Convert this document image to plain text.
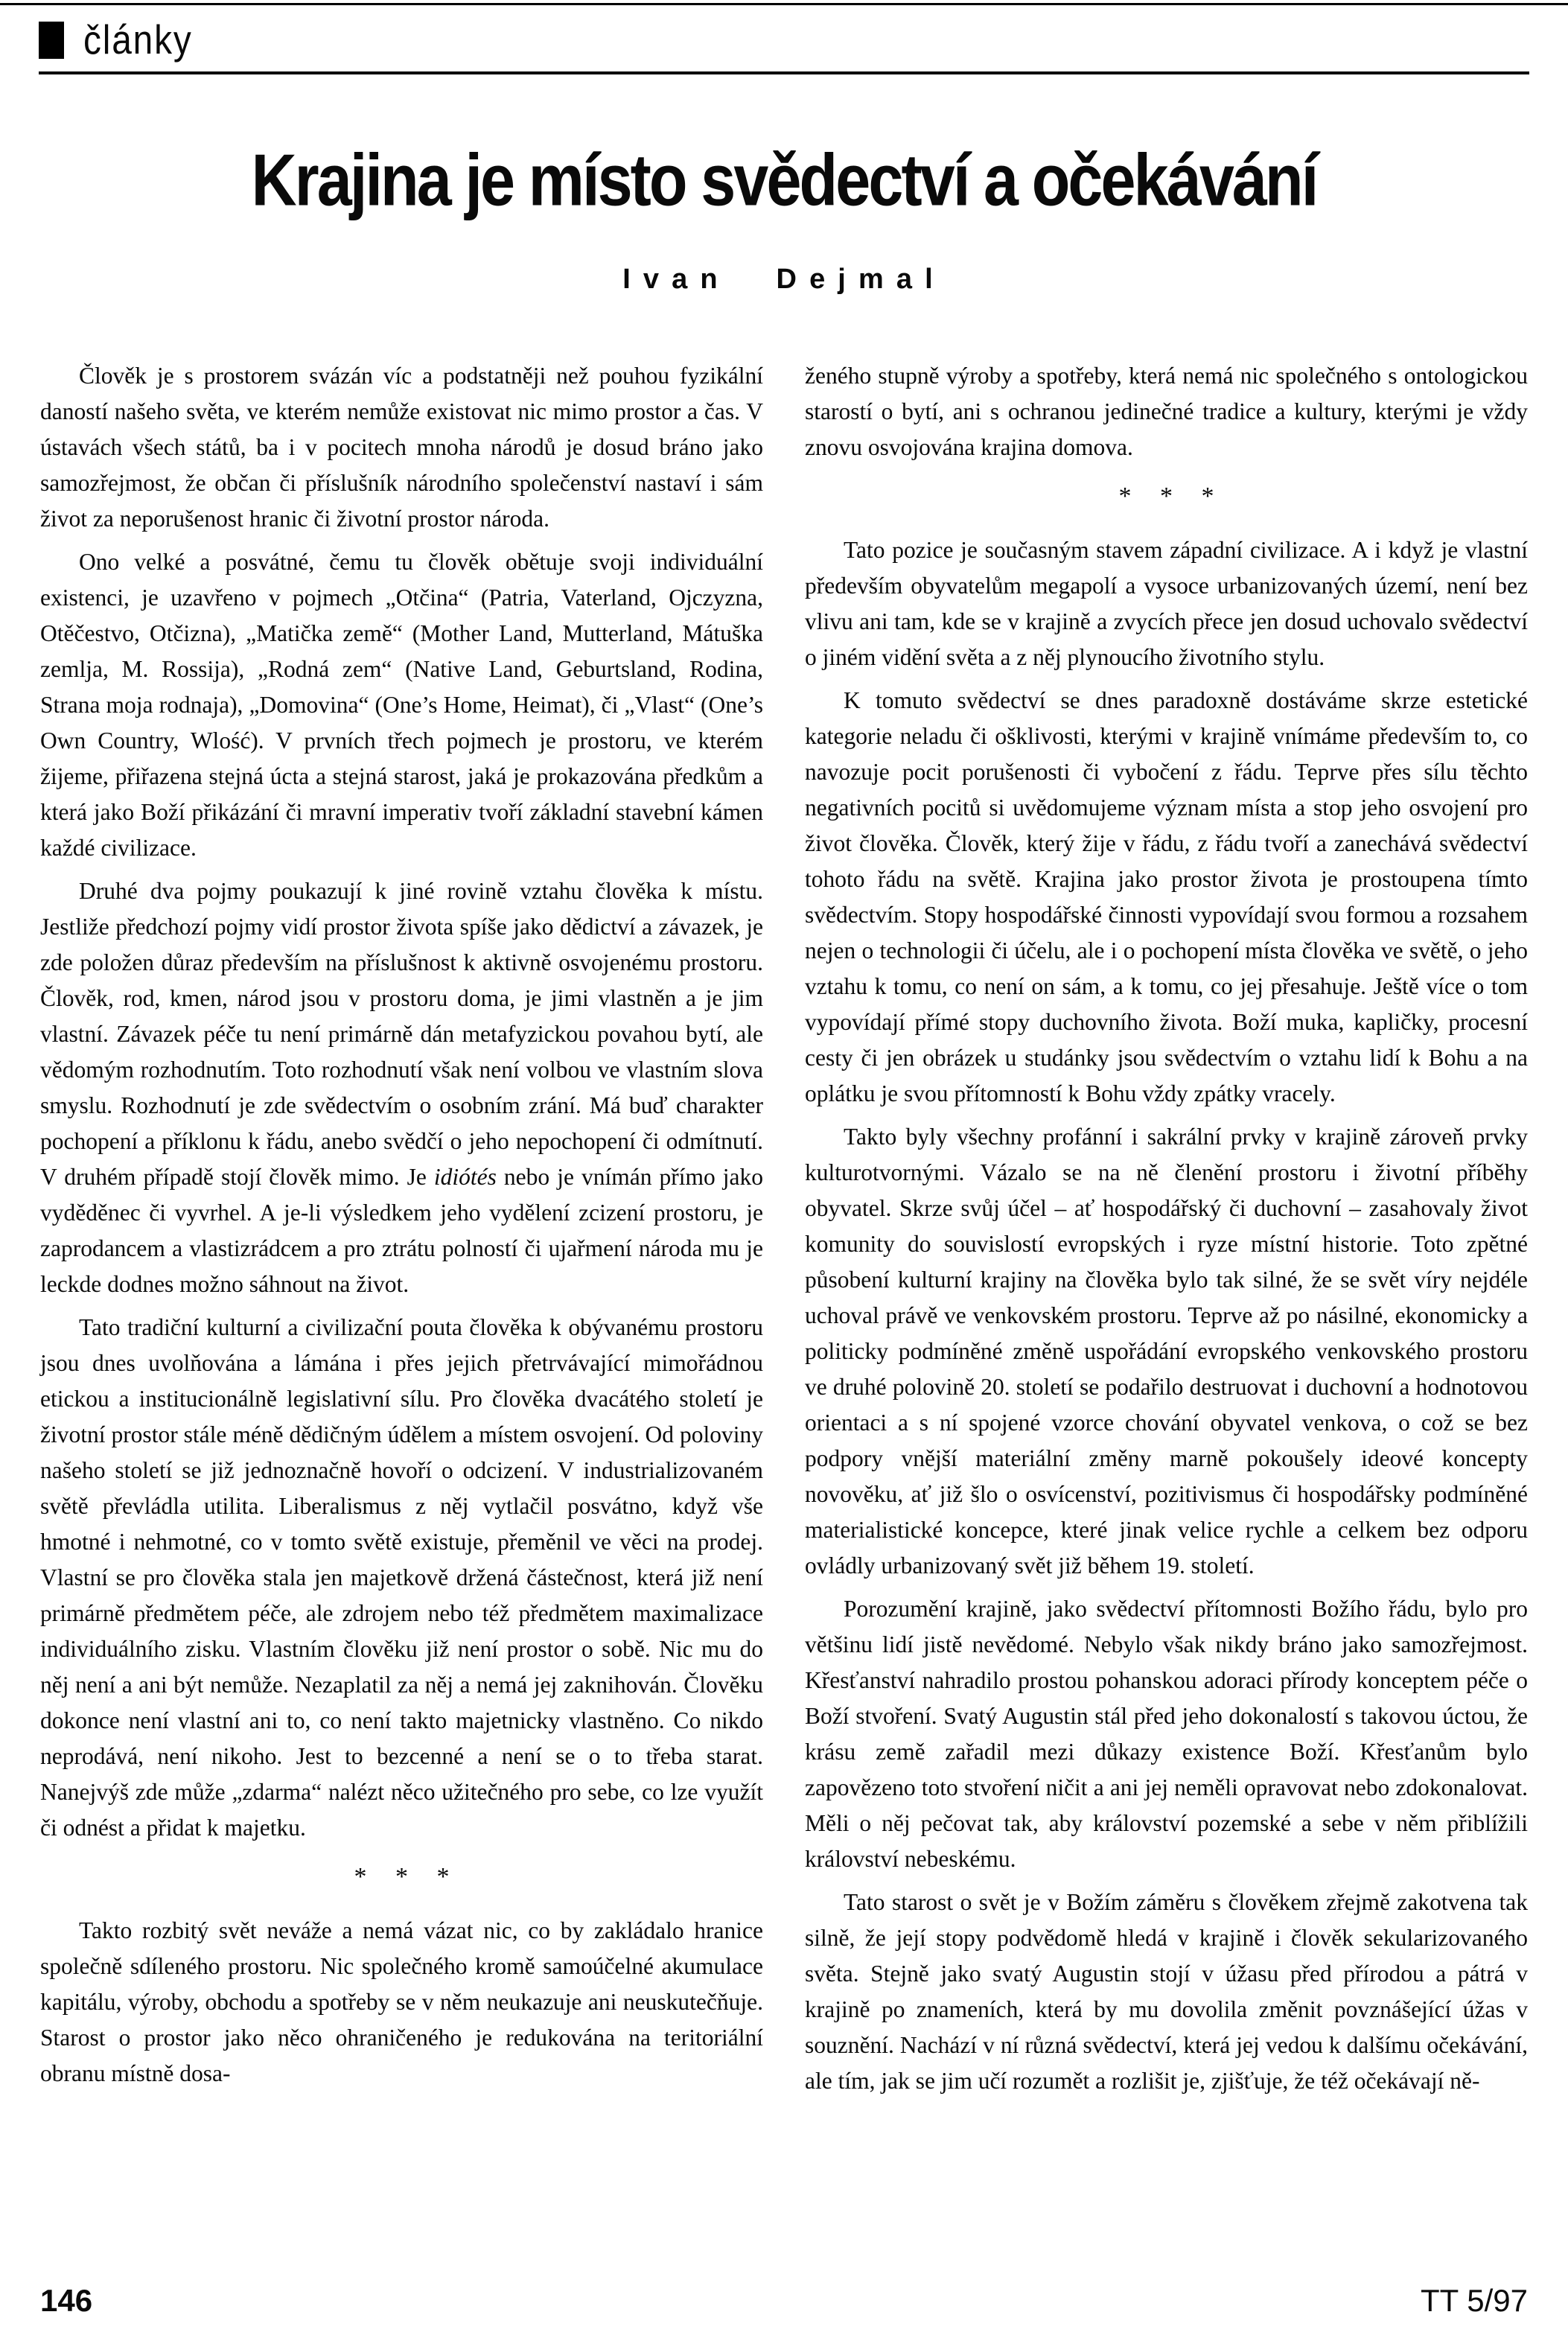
články
Krajina je místo svědectví a očekávání
Ivan Dejmal

Člověk je s prostorem svázán víc a podstatněji než pouhou fyzikální daností našeho světa, ve kterém nemůže existovat nic mimo prostor a čas. V ústavách všech států, ba i v pocitech mnoha národů je dosud bráno jako samozřejmost, že občan či příslušník národního společenství nastaví i sám život za neporušenost hranic či životní prostor národa.

Ono velké a posvátné, čemu tu člověk obětuje svoji individuální existenci, je uzavřeno v pojmech „Otčina“ (Patria, Vaterland, Ojczyzna, Otěčestvo, Otčizna), „Matička země“ (Mother Land, Mutterland, Mátuška zemlja, M. Rossija), „Rodná zem“ (Native Land, Geburtsland, Rodina, Strana moja rodnaja), „Domovina“ (One’s Home, Heimat), či „Vlast“ (One’s Own Country, Wlość). V prvních třech pojmech je prostoru, ve kterém žijeme, přiřazena stejná úcta a stejná starost, jaká je prokazována předkům a která jako Boží přikázání či mravní imperativ tvoří základní stavební kámen každé civilizace.

Druhé dva pojmy poukazují k jiné rovině vztahu člověka k místu. Jestliže předchozí pojmy vidí prostor života spíše jako dědictví a závazek, je zde položen důraz především na příslušnost k aktivně osvojenému prostoru. Člověk, rod, kmen, národ jsou v prostoru doma, je jimi vlastněn a je jim vlastní. Závazek péče tu není primárně dán metafyzickou povahou bytí, ale vědomým rozhodnutím. Toto rozhodnutí však není volbou ve vlastním slova smyslu. Rozhodnutí je zde svědectvím o osobním zrání. Má buď charakter pochopení a příklonu k řádu, anebo svědčí o jeho nepochopení či odmítnutí. V druhém případě stojí člověk mimo. Je idiótés nebo je vnímán přímo jako vyděděnec či vyvrhel. A je-li výsledkem jeho vydělení zcizení prostoru, je zaprodancem a vlastizrádcem a pro ztrátu polností či ujařmení národa mu je leckde dodnes možno sáhnout na život.

Tato tradiční kulturní a civilizační pouta člověka k obývanému prostoru jsou dnes uvolňována a lámána i přes jejich přetrvávající mimořádnou etickou a institucionálně legislativní sílu. Pro člověka dvacátého století je životní prostor stále méně dědičným údělem a místem osvojení. Od poloviny našeho století se již jednoznačně hovoří o odcizení. V industrializovaném světě převládla utilita. Liberalismus z něj vytlačil posvátno, když vše hmotné i nehmotné, co v tomto světě existuje, přeměnil ve věci na prodej. Vlastní se pro člověka stala jen majetkově držená částečnost, která již není primárně předmětem péče, ale zdrojem nebo též předmětem maximalizace individuálního zisku. Vlastním člověku již není prostor o sobě. Nic mu do něj není a ani být nemůže. Nezaplatil za něj a nemá jej zaknihován. Člověku dokonce není vlastní ani to, co není takto majetnicky vlastněno. Co nikdo neprodává, není nikoho. Jest to bezcenné a není se o to třeba starat. Nanejvýš zde může „zdarma“ nalézt něco užitečného pro sebe, co lze využít či odnést a přidat k majetku.

* * *

Takto rozbitý svět neváže a nemá vázat nic, co by zakládalo hranice společně sdíleného prostoru. Nic společného kromě samoúčelné akumulace kapitálu, výroby, obchodu a spotřeby se v něm neukazuje ani neuskutečňuje. Starost o prostor jako něco ohraničeného je redukována na teritoriální obranu místně dosa-

ženého stupně výroby a spotřeby, která nemá nic společného s ontologickou starostí o bytí, ani s ochranou jedinečné tradice a kultury, kterými je vždy znovu osvojována krajina domova.

* * *

Tato pozice je současným stavem západní civilizace. A i když je vlastní především obyvatelům megapolí a vysoce urbanizovaných území, není bez vlivu ani tam, kde se v krajině a zvycích přece jen dosud uchovalo svědectví o jiném vidění světa a z něj plynoucího životního stylu.

K tomuto svědectví se dnes paradoxně dostáváme skrze estetické kategorie neladu či ošklivosti, kterými v krajině vnímáme především to, co navozuje pocit porušenosti či vybočení z řádu. Teprve přes sílu těchto negativních pocitů si uvědomujeme význam místa a stop jeho osvojení pro život člověka. Člověk, který žije v řádu, z řádu tvoří a zanechává svědectví tohoto řádu na světě. Krajina jako prostor života je prostoupena tímto svědectvím. Stopy hospodářské činnosti vypovídají svou formou a rozsahem nejen o technologii či účelu, ale i o pochopení místa člověka ve světě, o jeho vztahu k tomu, co není on sám, a k tomu, co jej přesahuje. Ještě více o tom vypovídají přímé stopy duchovního života. Boží muka, kapličky, procesní cesty či jen obrázek u studánky jsou svědectvím o vztahu lidí k Bohu a na oplátku je svou přítomností k Bohu vždy zpátky vracely.

Takto byly všechny profánní i sakrální prvky v krajině zároveň prvky kulturotvornými. Vázalo se na ně členění prostoru i životní příběhy obyvatel. Skrze svůj účel – ať hospodářský či duchovní – zasahovaly život komunity do souvislostí evropských i ryze místní historie. Toto zpětné působení kulturní krajiny na člověka bylo tak silné, že se svět víry nejdéle uchoval právě ve venkovském prostoru. Teprve až po násilné, ekonomicky a politicky podmíněné změně uspořádání evropského venkovského prostoru ve druhé polovině 20. století se podařilo destruovat i duchovní a hodnotovou orientaci a s ní spojené vzorce chování obyvatel venkova, o což se bez podpory vnější materiální změny marně pokoušely ideové koncepty novověku, ať již šlo o osvícenství, pozitivismus či hospodářsky podmíněné materialistické koncepce, které jinak velice rychle a celkem bez odporu ovládly urbanizovaný svět již během 19. století.

Porozumění krajině, jako svědectví přítomnosti Božího řádu, bylo pro většinu lidí jistě nevědomé. Nebylo však nikdy bráno jako samozřejmost. Křesťanství nahradilo prostou pohanskou adoraci přírody konceptem péče o Boží stvoření. Svatý Augustin stál před jeho dokonalostí s takovou úctou, že krásu země zařadil mezi důkazy existence Boží. Křesťanům bylo zapovězeno toto stvoření ničit a ani jej neměli opravovat nebo zdokonalovat. Měli o něj pečovat tak, aby království pozemské a sebe v něm přiblížili království nebeskému.

Tato starost o svět je v Božím záměru s člověkem zřejmě zakotvena tak silně, že její stopy podvědomě hledá v krajině i člověk sekularizovaného světa. Stejně jako svatý Augustin stojí v úžasu před přírodou a pátrá v krajině po znameních, která by mu dovolila změnit povznášející úžas v souznění. Nachází v ní různá svědectví, která jej vedou k dalšímu očekávání, ale tím, jak se jim učí rozumět a rozlišit je, zjišťuje, že též očekávají ně-

146	TT 5/97
